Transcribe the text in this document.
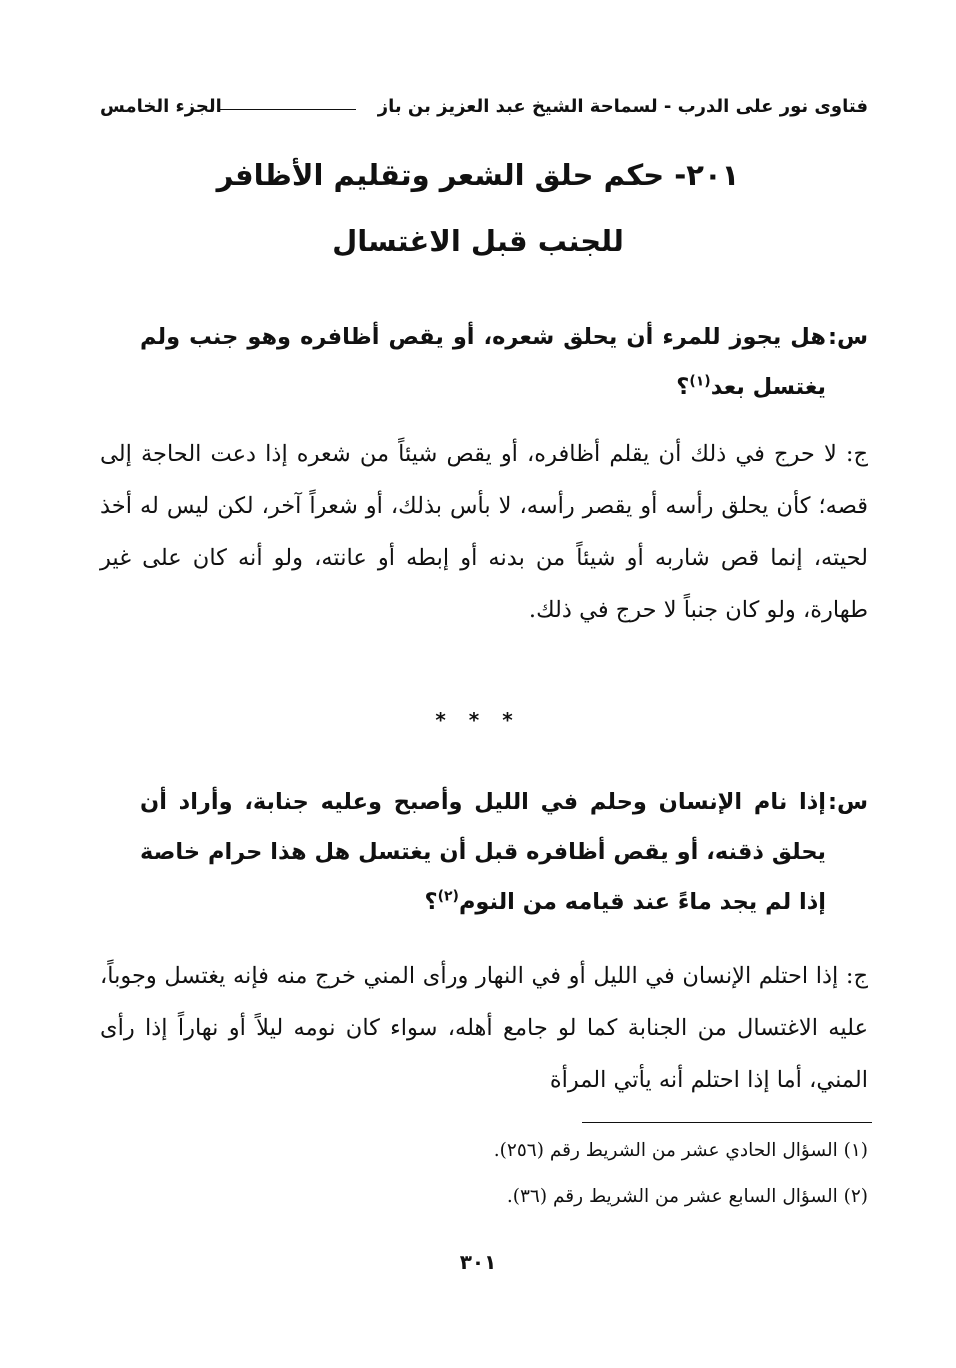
فتاوى نور على الدرب - لسماحة الشيخ عبد العزيز بن باز
الجزء الخامس
٢٠١- حكم حلق الشعر وتقليم الأظافر
للجنب قبل الاغتسال

س:هل يجوز للمرء أن يحلق شعره، أو يقص أظافره وهو جنب ولم يغتسل بعد$^{(١)}$؟

ج: لا حرج في ذلك أن يقلم أظافره، أو يقص شيئاً من شعره إذا دعت الحاجة إلى قصه؛ كأن يحلق رأسه أو يقصر رأسه، لا بأس بذلك، أو شعراً آخر، لكن ليس له أخذ لحيته، إنما قص شاربه أو شيئاً من بدنه أو إبطه أو عانته، ولو أنه كان على غير طهارة، ولو كان جنباً لا حرج في ذلك.

* * *

س:إذا نام الإنسان وحلم في الليل وأصبح وعليه جنابة، وأراد أن يحلق ذقنه، أو يقص أظافره قبل أن يغتسل هل هذا حرام خاصة إذا لم يجد ماءً عند قيامه من النوم$^{(٢)}$؟

ج: إذا احتلم الإنسان في الليل أو في النهار ورأى المني خرج منه فإنه يغتسل وجوباً، عليه الاغتسال من الجنابة كما لو جامع أهله، سواء كان نومه ليلاً أو نهاراً إذا رأى المني، أما إذا احتلم أنه يأتي المرأة

(١) السؤال الحادي عشر من الشريط رقم (٢٥٦).

(٢) السؤال السابع عشر من الشريط رقم (٣٦).

٣٠١
